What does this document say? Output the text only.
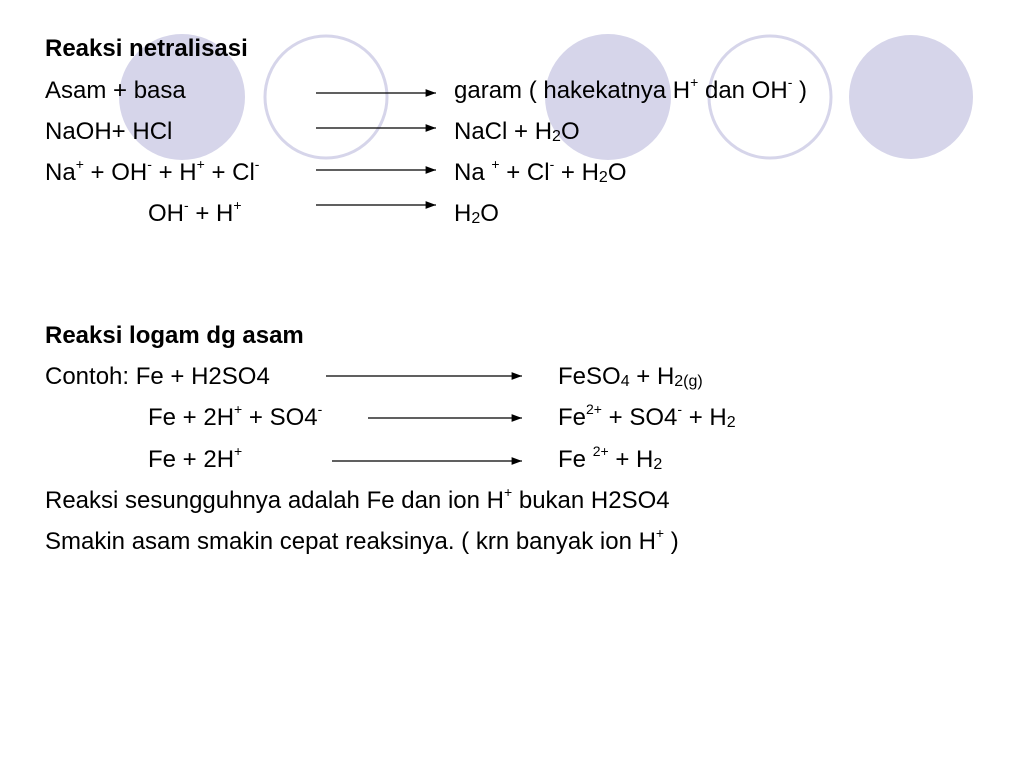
Reaksi netralisasi
Asam + basa	garam ( hakekatnya H+ dan OH- )
NaOH+ HCl	NaCl + $H_2O$
Na+ + OH- + H+ + Cl-	Na $^+ + Cl^- + H_2O$
OH- + H+	$H_2O$
Reaksi logam dg asam
Contoh: Fe + H2SO4	FeSO$_4$ + $H_{2(g)}$
Fe + 2H+ + SO4-	$Fe^{2+} + SO4^- + H_2$
Fe + 2H+	Fe $^{2+} + H_2$
Reaksi sesungguhnya adalah Fe dan ion H+ bukan H2SO4
Smakin asam smakin cepat reaksinya. ( krn banyak ion H+ )
